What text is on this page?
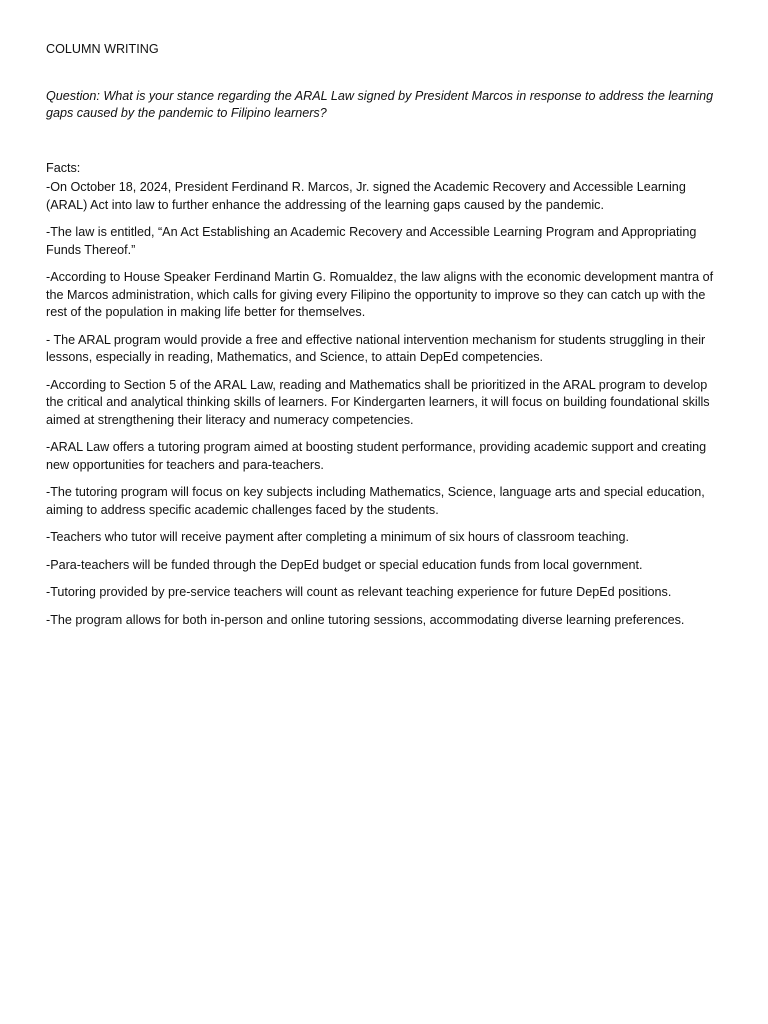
COLUMN WRITING

Question: What is your stance regarding the ARAL Law signed by President Marcos in response to address the learning gaps caused by the pandemic to Filipino learners?

Facts:

-On October 18, 2024, President Ferdinand R. Marcos, Jr. signed the Academic Recovery and Accessible Learning (ARAL) Act into law to further enhance the addressing of the learning gaps caused by the pandemic.
-The law is entitled, “An Act Establishing an Academic Recovery and Accessible Learning Program and Appropriating Funds Thereof.”
-According to House Speaker Ferdinand Martin G. Romualdez, the law aligns with the economic development mantra of the Marcos administration, which calls for giving every Filipino the opportunity to improve so they can catch up with the rest of the population in making life better for themselves.
- The ARAL program would provide a free and effective national intervention mechanism for students struggling in their lessons, especially in reading, Mathematics, and Science, to attain DepEd competencies.
-According to Section 5 of the ARAL Law, reading and Mathematics shall be prioritized in the ARAL program to develop the critical and analytical thinking skills of learners. For Kindergarten learners, it will focus on building foundational skills aimed at strengthening their literacy and numeracy competencies.
-ARAL Law offers a tutoring program aimed at boosting student performance, providing academic support and creating new opportunities for teachers and para-teachers.
-The tutoring program will focus on key subjects including Mathematics, Science, language arts and special education, aiming to address specific academic challenges faced by the students.
-Teachers who tutor will receive payment after completing a minimum of six hours of classroom teaching.
-Para-teachers will be funded through the DepEd budget or special education funds from local government.
-Tutoring provided by pre-service teachers will count as relevant teaching experience for future DepEd positions.
-The program allows for both in-person and online tutoring sessions, accommodating diverse learning preferences.
